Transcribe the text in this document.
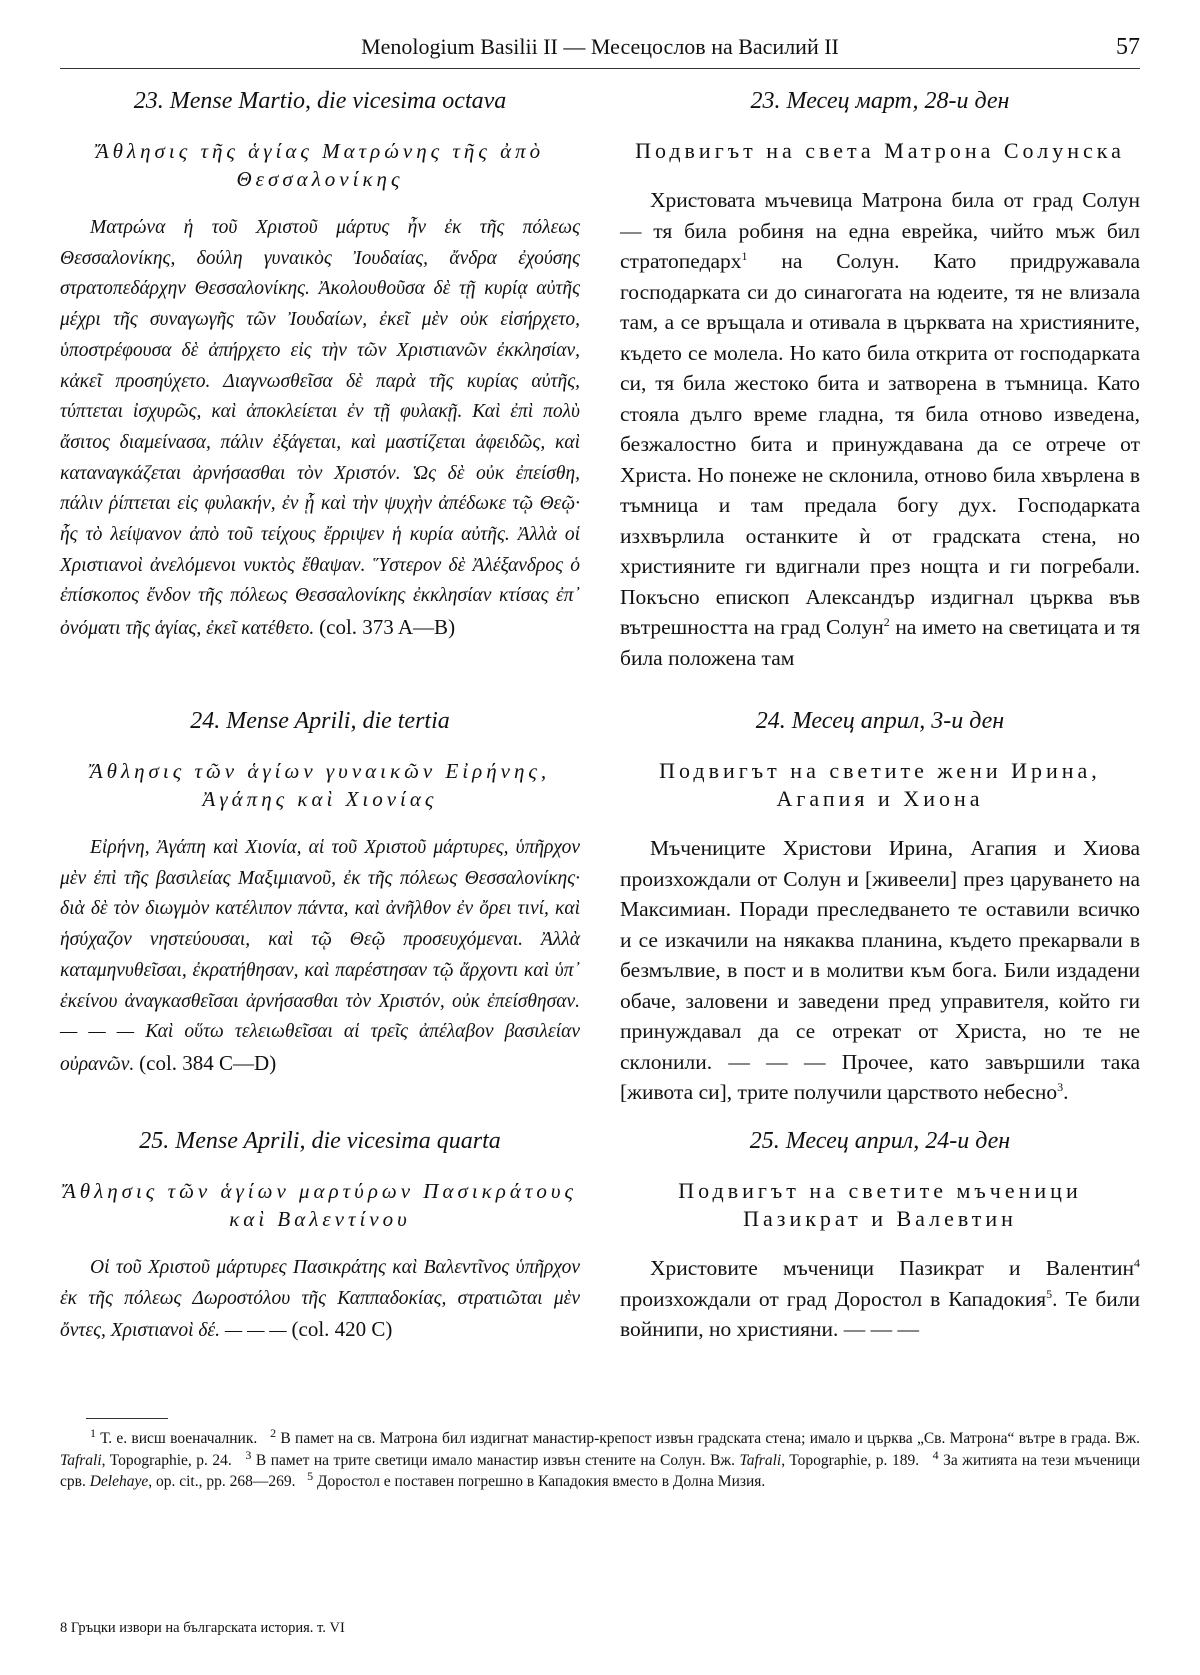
Menologium Basilii II — Месецослов на Василий II	57

23. Mense Martio, die vicesima octava

Ἄθλησις τῆς ἁγίας Ματρώνης τῆς ἀπὸ Θεσσαλονίκης

Ματρώνα ἡ τοῦ Χριστοῦ μάρτυς ἦν ἐκ τῆς πόλεως Θεσσαλονίκης, δούλη γυναικὸς Ἰουδαίας, ἄνδρα ἐχούσης στρατοπεδάρχην Θεσσαλονίκης. Ἀκολουθοῦσα δὲ τῇ κυρίᾳ αὐτῆς μέχρι τῆς συναγωγῆς τῶν Ἰουδαίων, ἐκεῖ μὲν οὐκ εἰσήρχετο, ὑποστρέφουσα δὲ ἀπήρχετο εἰς τὴν τῶν Χριστιανῶν ἐκκλησίαν, κἀκεῖ προσηύχετο. Διαγνωσθεῖσα δὲ παρὰ τῆς κυρίας αὐτῆς, τύπτεται ἰσχυρῶς, καὶ ἀποκλείεται ἐν τῇ φυλακῇ. Καὶ ἐπὶ πολὺ ἄσιτος διαμείνασα, πάλιν ἐξάγεται, καὶ μαστίζεται ἀφειδῶς, καὶ καταναγκάζεται ἀρνήσασθαι τὸν Χριστόν. Ὡς δὲ οὐκ ἐπείσθη, πάλιν ῥίπτεται εἰς φυλακήν, ἐν ᾗ καὶ τὴν ψυχὴν ἀπέδωκε τῷ Θεῷ· ἧς τὸ λείψανον ἀπὸ τοῦ τείχους ἔρριψεν ἡ κυρία αὐτῆς. Ἀλλὰ οἱ Χριστιανοὶ ἀνελόμενοι νυκτὸς ἔθαψαν. Ὕστερον δὲ Ἀλέξανδρος ὁ ἐπίσκοπος ἔνδον τῆς πόλεως Θεσσαλονίκης ἐκκλησίαν κτίσας ἐπ᾽ ὀνόματι τῆς ἁγίας, ἐκεῖ κατέθετο. (col. 373 A—B)

24. Mense Aprili, die tertia

Ἄθλησις τῶν ἁγίων γυναικῶν Εἰρήνης, Ἀγάπης καὶ Χιονίας

Εἰρήνη, Ἀγάπη καὶ Χιονία, αἱ τοῦ Χριστοῦ μάρτυρες, ὑπῆρχον μὲν ἐπὶ τῆς βασιλείας Μαξιμιανοῦ, ἐκ τῆς πόλεως Θεσσαλονίκης· διὰ δὲ τὸν διωγμὸν κατέλιπον πάντα, καὶ ἀνῆλθον ἐν ὄρει τινί, καὶ ἡσύχαζον νηστεύουσαι, καὶ τῷ Θεῷ προσευχόμεναι. Ἀλλὰ καταμηνυθεῖσαι, ἐκρατήθησαν, καὶ παρέστησαν τῷ ἄρχοντι καὶ ὑπ᾽ ἐκείνου ἀναγκασθεῖσαι ἀρνήσασθαι τὸν Χριστόν, οὐκ ἐπείσθησαν. — — — Καὶ οὕτω τελειωθεῖσαι αἱ τρεῖς ἀπέλαβον βασιλείαν οὐρανῶν. (col. 384 C—D)

25. Mense Aprili, die vicesima quarta

Ἄθλησις τῶν ἁγίων μαρτύρων Πασικράτους καὶ Βαλεντίνου

Οἱ τοῦ Χριστοῦ μάρτυρες Πασικράτης καὶ Βαλεντῖνος ὑπῆρχον ἐκ τῆς πόλεως Δωροστόλου τῆς Καππαδοκίας, στρατιῶται μὲν ὄντες, Χριστιανοὶ δέ. — — — (col. 420 C)

23. Месец март, 28-и ден

Подвигът на света Матрона Солунска

Христовата мъчевица Матрона била от град Солун — тя била робиня на една еврейка, чийто мъж бил стратопедарх$^1$ на Солун. Като придружавала господарката си до синагогата на юдеите, тя не влизала там, а се връщала и отивала в църквата на християните, където се молела. Но като била открита от господарката си, тя била жестоко бита и затворена в тъмница. Като стояла дълго време гладна, тя била отново изведена, безжалостно бита и принуждавана да се отрече от Христа. Но понеже не склонила, отново била хвърлена в тъмница и там предала богу дух. Господарката изхвърлила останките ѝ от градската стена, но християните ги вдигнали през нощта и ги погребали. Покъсно епископ Александър издигнал църква във вътрешността на град Солун$^2$ на името на светицата и тя била положена там

24. Месец април, 3-и ден

Подвигът на светите жени Ирина, Агапия и Хиона

Мъчениците Христови Ирина, Агапия и Хиова произхождали от Солун и [живеели] през царуването на Максимиан. Поради преследването те оставили всичко и се изкачили на някаква планина, където прекарвали в безмълвие, в пост и в молитви към бога. Били издадени обаче, заловени и заведени пред управителя, който ги принуждавал да се отрекат от Христа, но те не склонили. — — — Прочее, като завършили така [живота си], трите получили царството небесно$^3$.

25. Месец април, 24-и ден

Подвигът на светите мъченици Пазикрат и Валевтин

Христовите мъченици Пазикрат и Валентин$^4$ произхождали от град Доростол в Кападокия$^5$. Те били войнипи, но християни. — — —

$^1$ Т. е. висш военачалник.   $^2$ В памет на св. Матрона бил издигнат манастир-крепост извън градската стена; имало и църква „Св. Матрона“ вътре в града. Вж. Tafrali, Topographie, p. 24.   $^3$ В памет на трите светици имало манастир извън стените на Солун. Вж. Tafrali, Topographie, p. 189.   $^4$ За житията на тези мъченици срв. Delehaye, op. cit., pp. 268—269.   $^5$ Доростол е поставен погрешно в Кападокия вместо в Долна Мизия.
8 Гръцки извори на българската история. т. VI
